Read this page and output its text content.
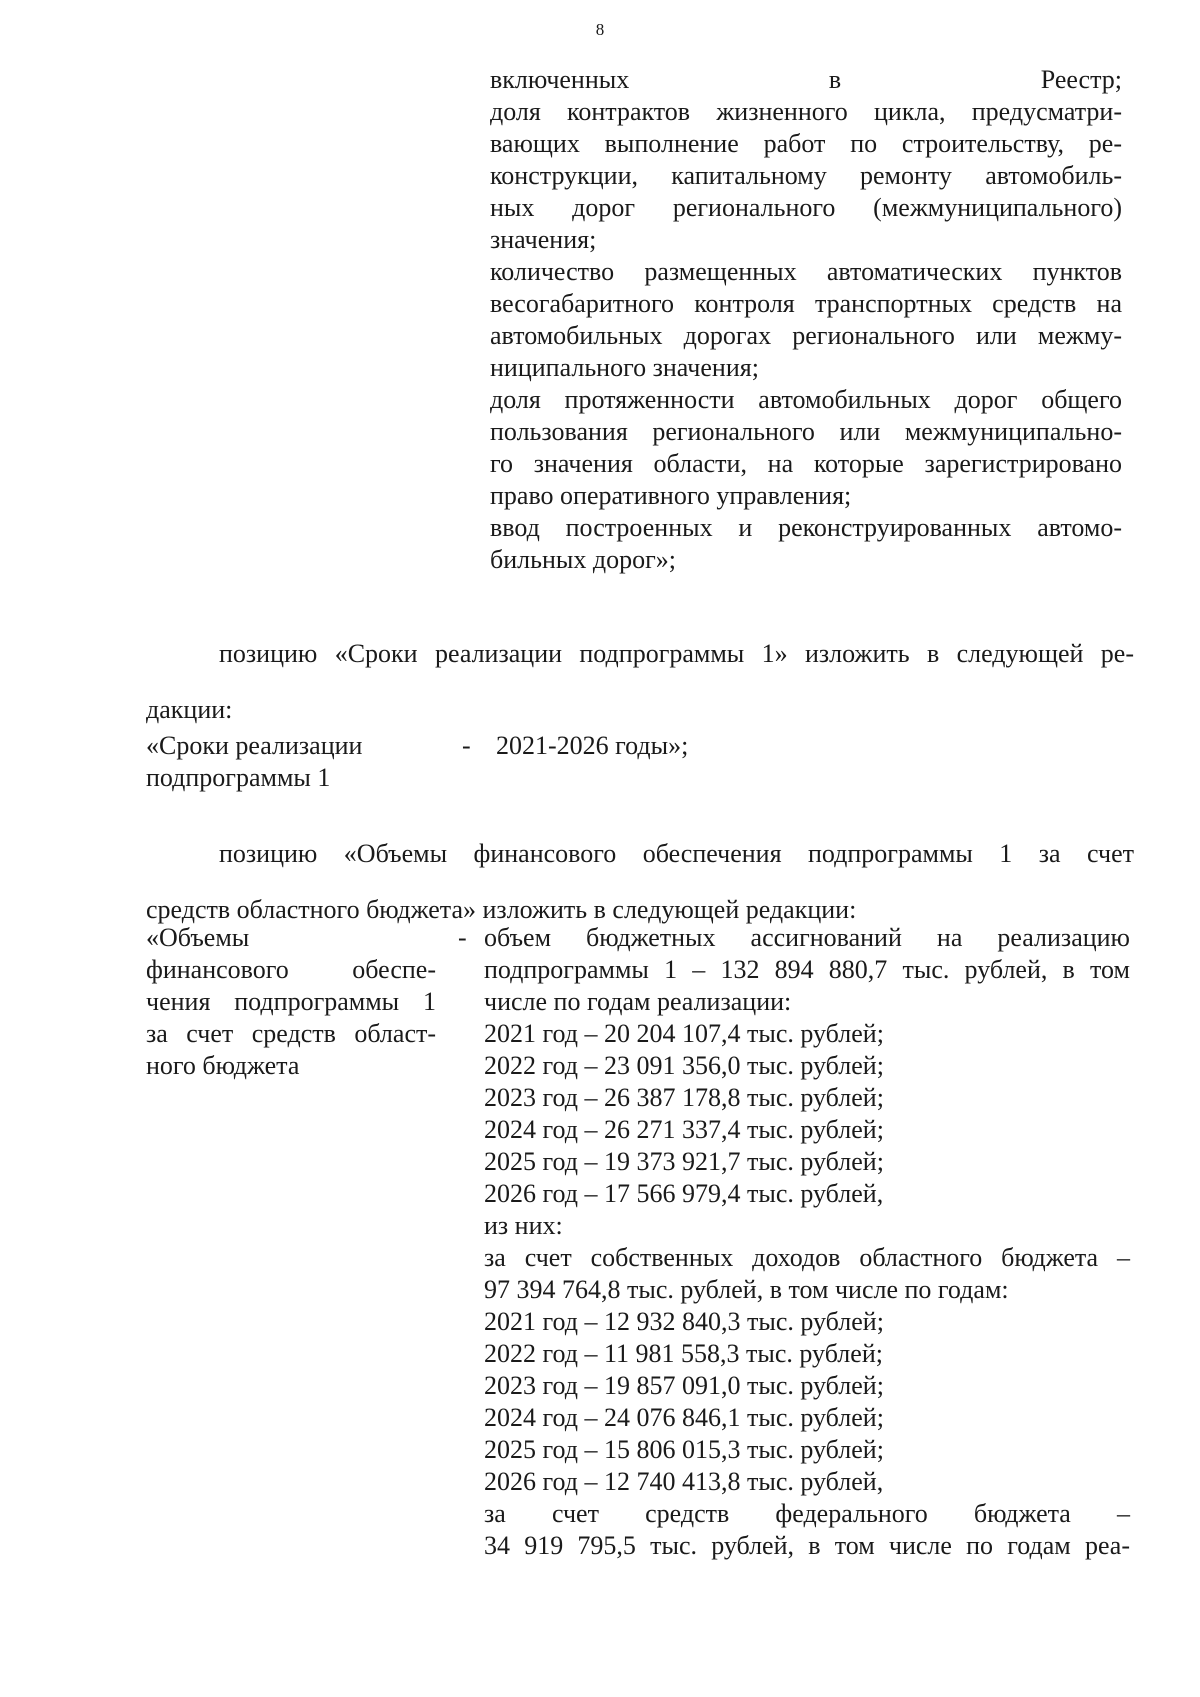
8
включенных в Реестр;
доля контрактов жизненного цикла, предусматри-
вающих выполнение работ по строительству, ре-
конструкции, капитальному ремонту автомобиль-
ных дорог регионального (межмуниципального)
значения;
количество размещенных автоматических пунктов
весогабаритного контроля транспортных средств на
автомобильных дорогах регионального или межму-
ниципального значения;
доля протяженности автомобильных дорог общего
пользования регионального или межмуниципально-
го значения области, на которые зарегистрировано
право оперативного управления;
ввод построенных и реконструированных автомо-
бильных дорог»;
позицию «Сроки реализации подпрограммы 1» изложить в следующей ре-
дакции:
«Сроки реализации
подпрограммы 1
- 2021-2026 годы»;
позицию «Объемы финансового обеспечения подпрограммы 1 за счет
средств областного бюджета» изложить в следующей редакции:
«Объемы
финансового обеспе-
чения подпрограммы 1
за счет средств област-
ного бюджета
- объем бюджетных ассигнований на реализацию
подпрограммы 1 – 132 894 880,7 тыс. рублей, в том
числе по годам реализации:
2021 год – 20 204 107,4 тыс. рублей;
2022 год – 23 091 356,0 тыс. рублей;
2023 год – 26 387 178,8 тыс. рублей;
2024 год – 26 271 337,4 тыс. рублей;
2025 год – 19 373 921,7 тыс. рублей;
2026 год – 17 566 979,4 тыс. рублей,
из них:
за счет собственных доходов областного бюджета –
97 394 764,8 тыс. рублей, в том числе по годам:
2021 год – 12 932 840,3 тыс. рублей;
2022 год – 11 981 558,3 тыс. рублей;
2023 год – 19 857 091,0 тыс. рублей;
2024 год – 24 076 846,1 тыс. рублей;
2025 год – 15 806 015,3 тыс. рублей;
2026 год – 12 740 413,8 тыс. рублей,
за счет средств федерального бюджета –
34 919 795,5 тыс. рублей, в том числе по годам реа-
